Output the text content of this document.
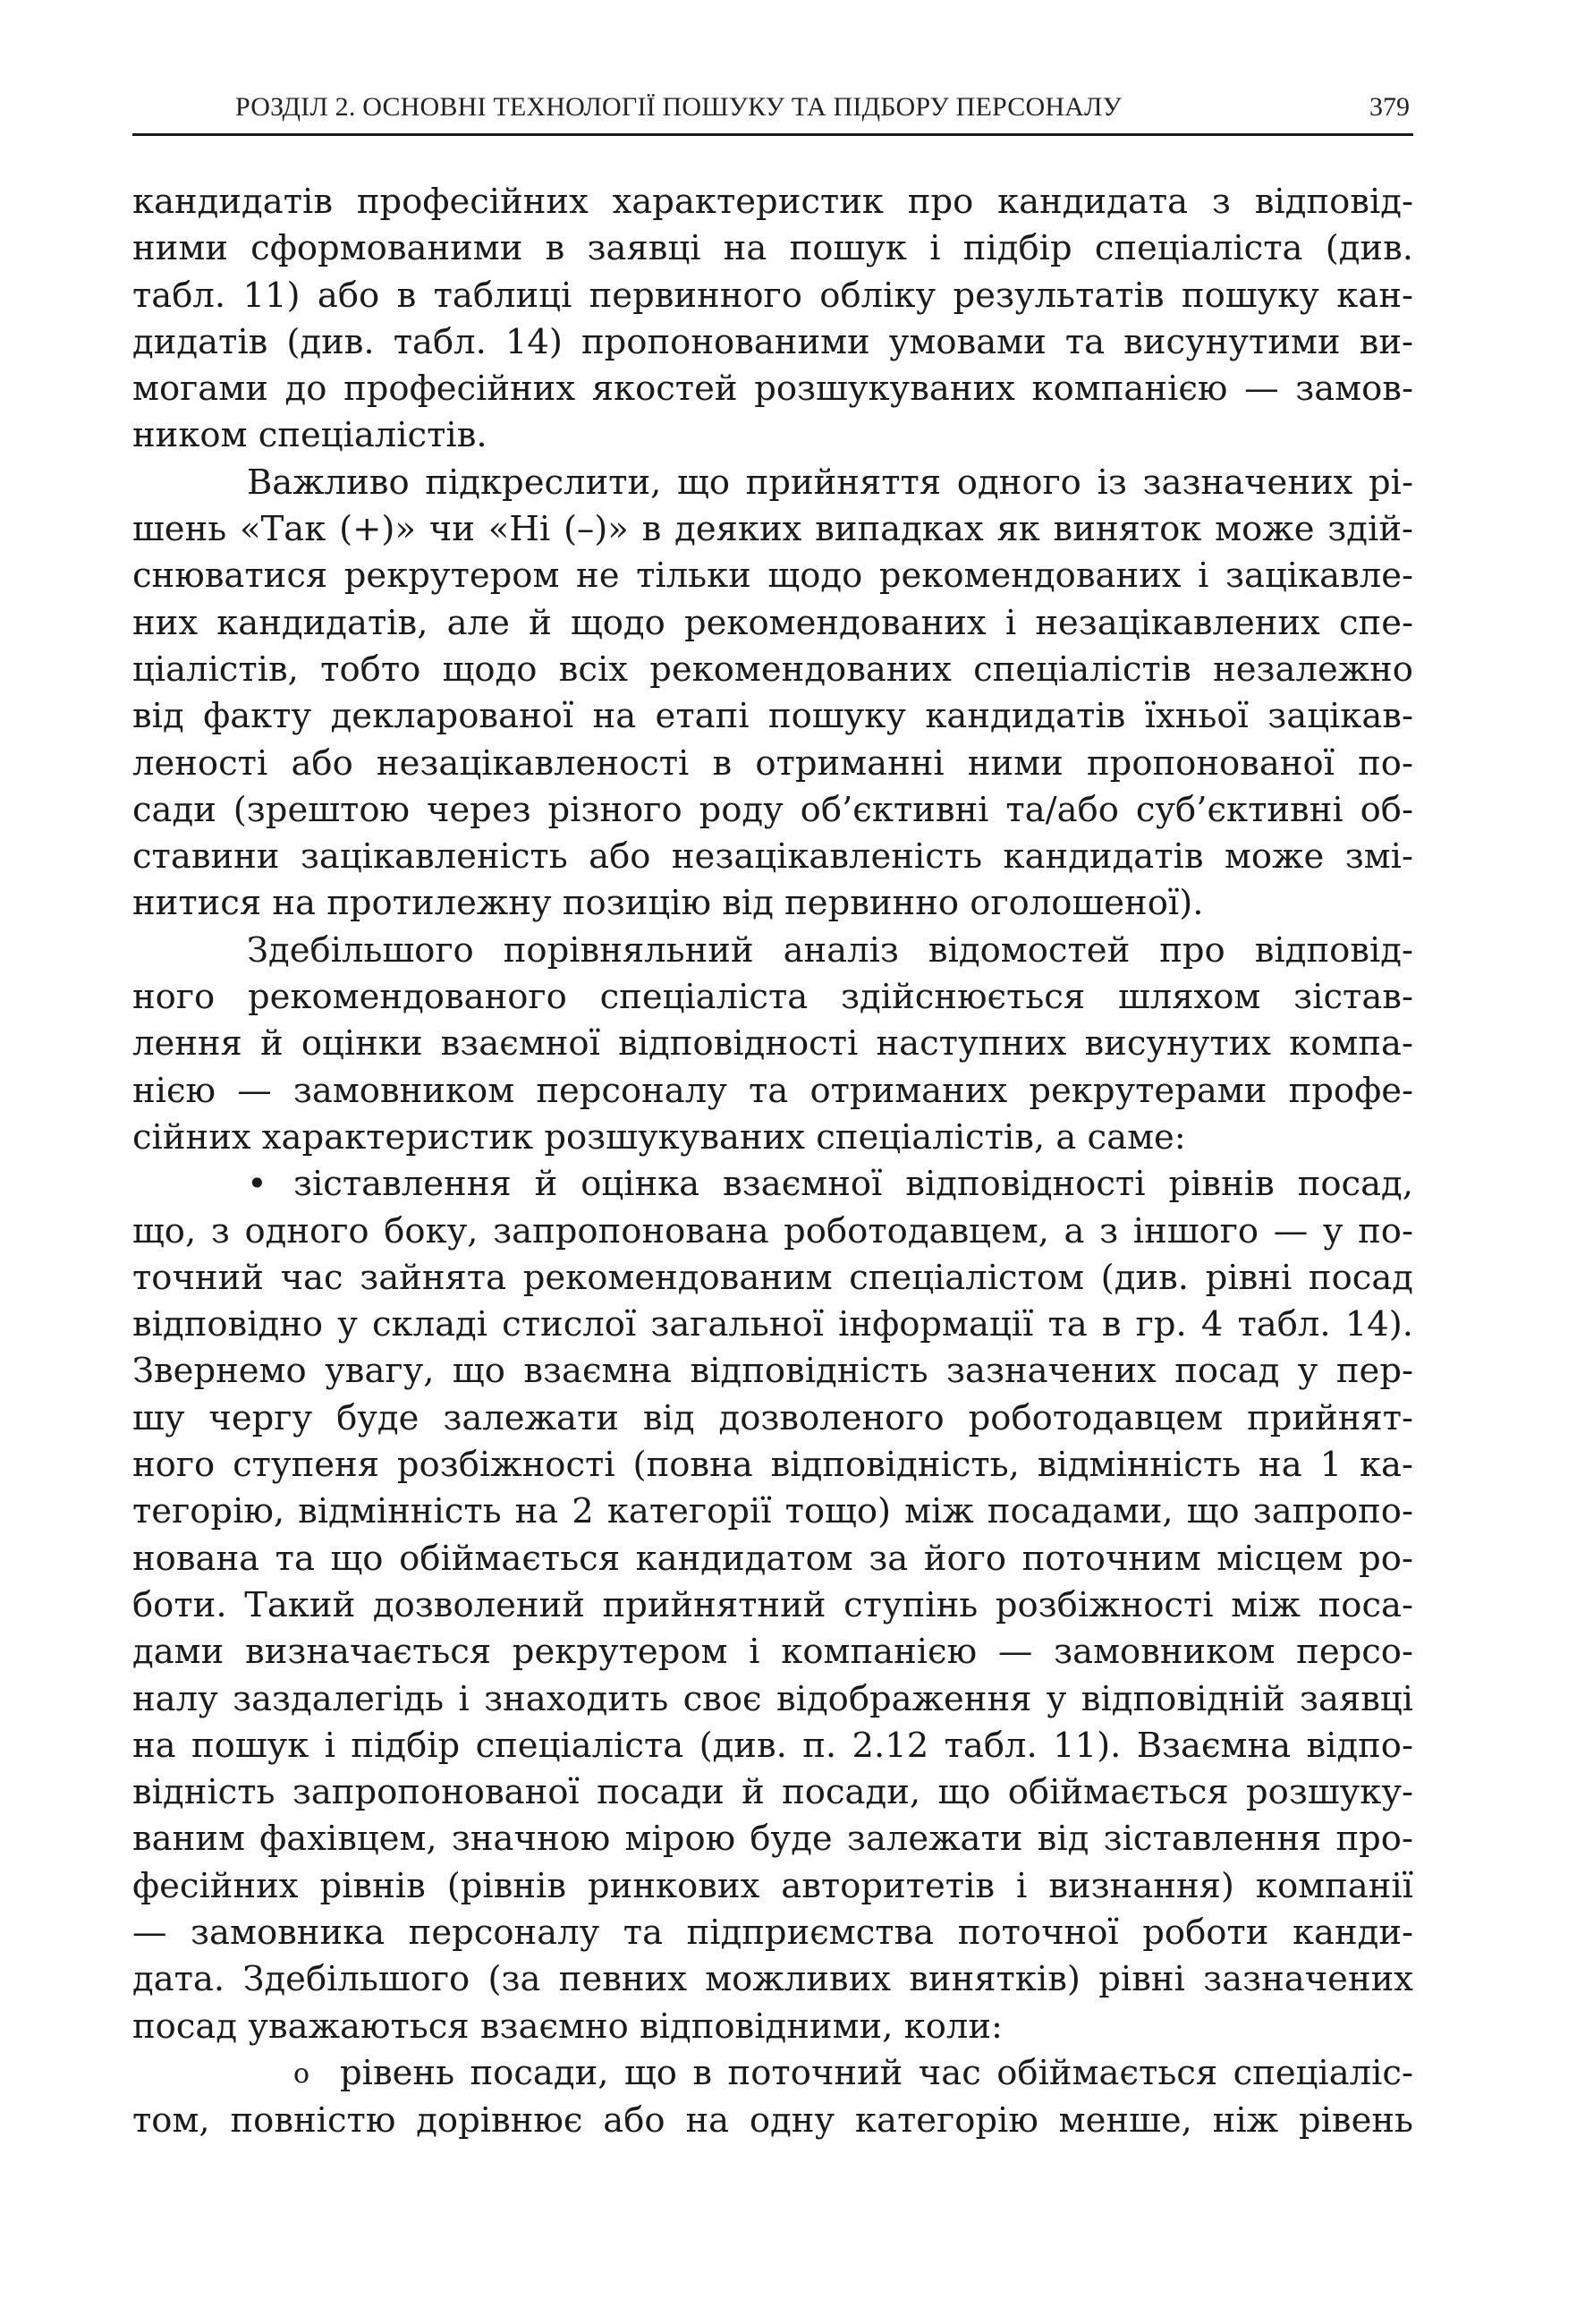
РОЗДІЛ 2. ОСНОВНІ ТЕХНОЛОГІЇ ПОШУКУ ТА ПІДБОРУ ПЕРСОНАЛУ	379

кандидатів професійних характеристик про кандидата з відповід-

ними сформованими в заявці на пошук і підбір спеціаліста (див.

табл. 11) або в таблиці первинного обліку результатів пошуку кан-

дидатів (див. табл. 14) пропонованими умовами та висунутими ви-

могами до професійних якостей розшукуваних компанією — замов-

ником спеціалістів.

Важливо підкреслити, що прийняття одного із зазначених рі-

шень «Так (+)» чи «Ні (–)» в деяких випадках як виняток може здій-

снюватися рекрутером не тільки щодо рекомендованих і зацікавле-

них кандидатів, але й щодо рекомендованих і незацікавлених спе-

ціалістів, тобто щодо всіх рекомендованих спеціалістів незалежно

від факту декларованої на етапі пошуку кандидатів їхньої зацікав-

леності або незацікавленості в отриманні ними пропонованої по-

сади (зрештою через різного роду об’єктивні та/або суб’єктивні об-

ставини зацікавленість або незацікавленість кандидатів може змі-

нитися на протилежну позицію від первинно оголошеної).

Здебільшого порівняльний аналіз відомостей про відповід-

ного рекомендованого спеціаліста здійснюється шляхом зістав-

лення й оцінки взаємної відповідності наступних висунутих компа-

нією — замовником персоналу та отриманих рекрутерами профе-

сійних характеристик розшукуваних спеціалістів, а саме:

• зіставлення й оцінка взаємної відповідності рівнів посад,

що, з одного боку, запропонована роботодавцем, а з іншого — у по-

точний час зайнята рекомендованим спеціалістом (див. рівні посад

відповідно у складі стислої загальної інформації та в гр. 4 табл. 14).

Звернемо увагу, що взаємна відповідність зазначених посад у пер-

шу чергу буде залежати від дозволеного роботодавцем прийнят-

ного ступеня розбіжності (повна відповідність, відмінність на 1 ка-

тегорію, відмінність на 2 категорії тощо) між посадами, що запропо-

нована та що обіймається кандидатом за його поточним місцем ро-

боти. Такий дозволений прийнятний ступінь розбіжності між поса-

дами визначається рекрутером і компанією — замовником персо-

налу заздалегідь і знаходить своє відображення у відповідній заявці

на пошук і підбір спеціаліста (див. п. 2.12 табл. 11). Взаємна відпо-

відність запропонованої посади й посади, що обіймається розшуку-

ваним фахівцем, значною мірою буде залежати від зіставлення про-

фесійних рівнів (рівнів ринкових авторитетів і визнання) компанії

— замовника персоналу та підприємства поточної роботи канди-

дата. Здебільшого (за певних можливих винятків) рівні зазначених

посад уважаються взаємно відповідними, коли:

o рівень посади, що в поточний час обіймається спеціаліс-

том, повністю дорівнює або на одну категорію менше, ніж рівень
